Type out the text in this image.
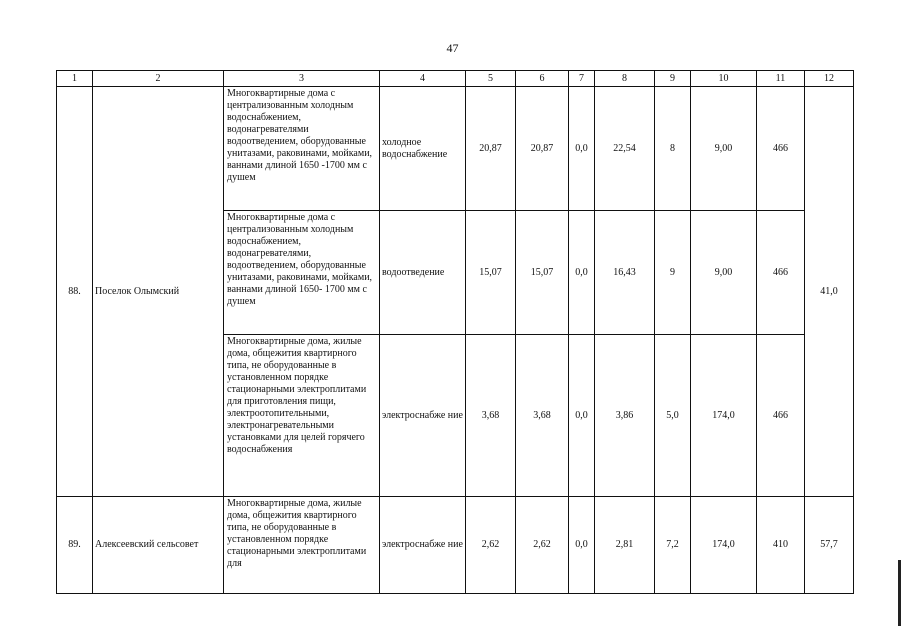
47
1	2	3	4	5	6	7	8	9	10	11	12
88.	Поселок Олымский	Многоквартирные дома с централизованным холодным водоснабжением, водонагревателями водоотведением, оборудованные унитазами, раковинами, мойками, ваннами длиной 1650 -1700 мм с душем	холодное водоснабжение	20,87	20,87	0,0	22,54	8	9,00	466	41,0
		Многоквартирные дома с централизованным холодным водоснабжением, водонагревателями, водоотведением, оборудованные унитазами, раковинами, мойками, ваннами длиной 1650- 1700 мм с душем	водоотведение	15,07	15,07	0,0	16,43	9	9,00	466	
		Многоквартирные дома, жилые дома, общежития квартирного типа, не оборудованные в установленном порядке стационарными электроплитами для приготовления пищи, электроотопительными, электронагревательными установками для целей горячего водоснабжения	электроснабже ние	3,68	3,68	0,0	3,86	5,0	174,0	466	
89.	Алексеевский сельсовет	Многоквартирные дома, жилые дома, общежития квартирного типа, не оборудованные в установленном порядке стационарными электроплитами для	электроснабже ние	2,62	2,62	0,0	2,81	7,2	174,0	410	57,7
